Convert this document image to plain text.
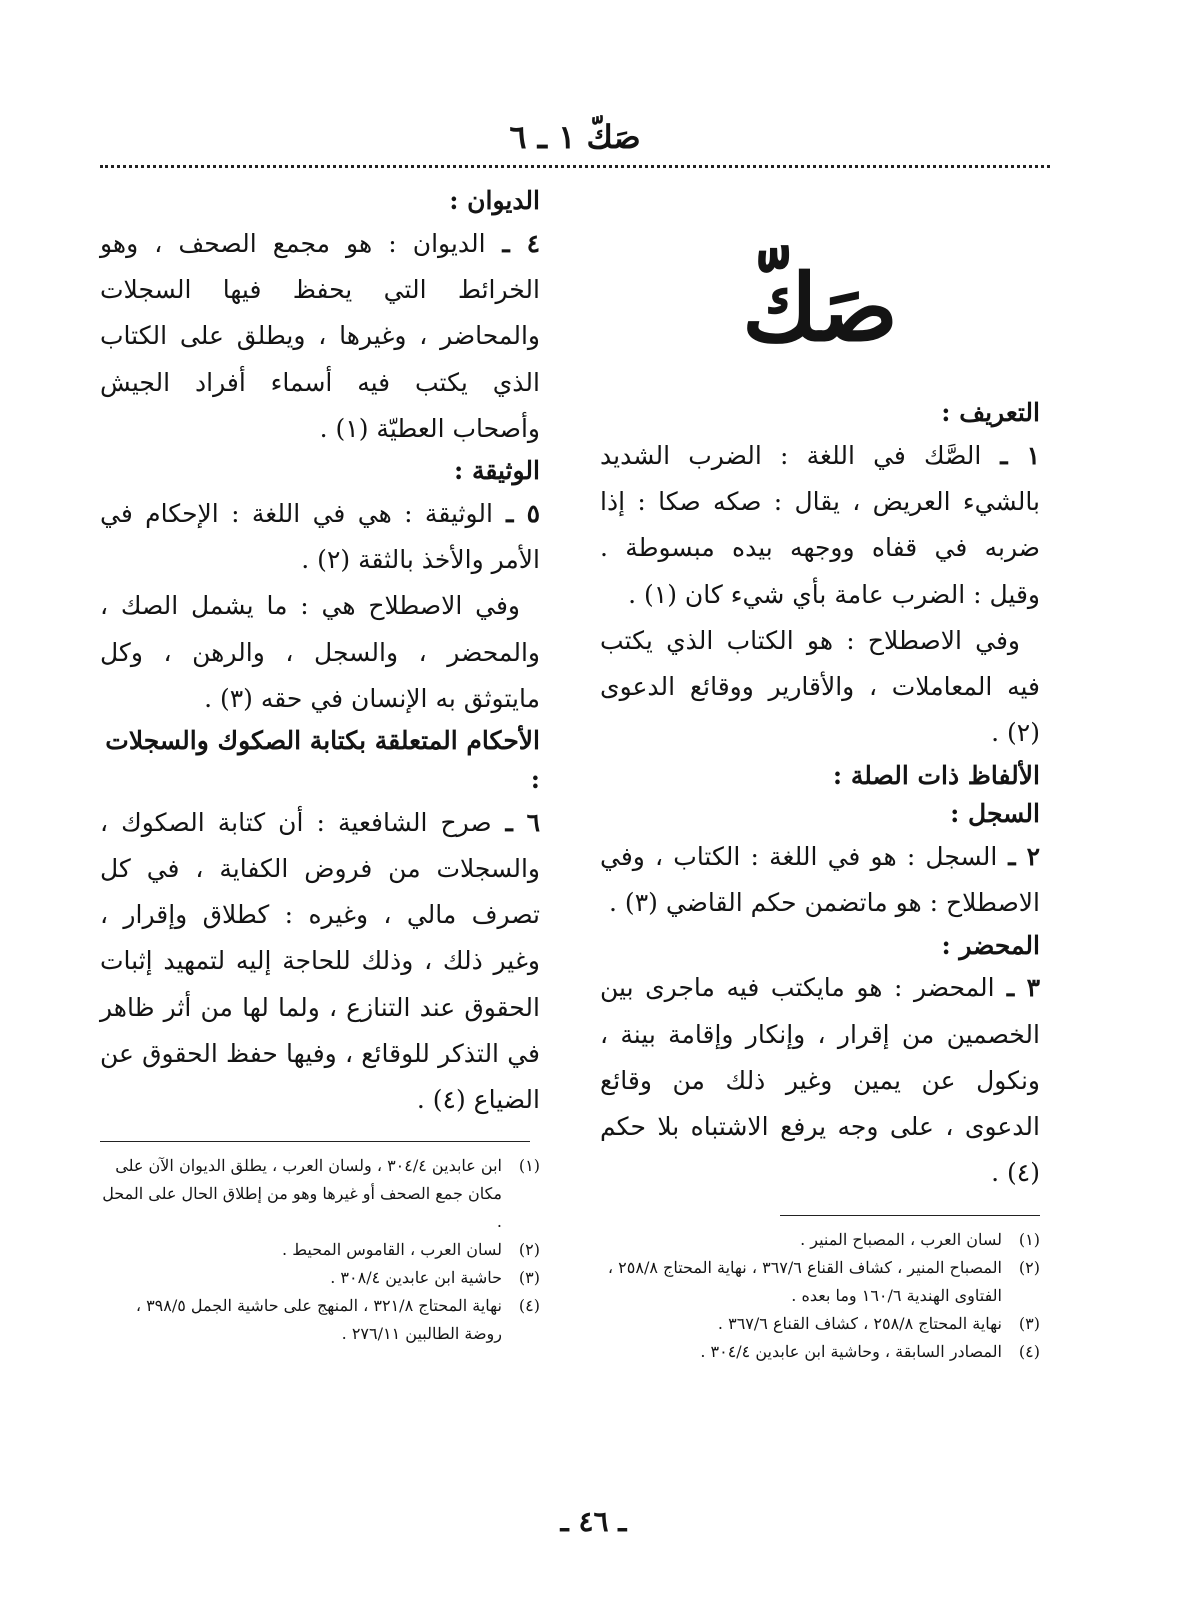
صَكّ ١ ـ ٦
صَكّ
التعريف :

١ ـ الصَّك في اللغة : الضرب الشديد بالشيء العريض ، يقال : صكه صكا : إذا ضربه في قفاه ووجهه بيده مبسوطة . وقيل : الضرب عامة بأي شيء كان (١) .

وفي الاصطلاح : هو الكتاب الذي يكتب فيه المعاملات ، والأقارير ووقائع الدعوى (٢) .

الألفاظ ذات الصلة :
السجل :

٢ ـ السجل : هو في اللغة : الكتاب ، وفي الاصطلاح : هو ماتضمن حكم القاضي (٣) .

المحضر :

٣ ـ المحضر : هو مايكتب فيه ماجرى بين الخصمين من إقرار ، وإنكار وإقامة بينة ، ونكول عن يمين وغير ذلك من وقائع الدعوى ، على وجه يرفع الاشتباه بلا حكم (٤) .

(١)
لسان العرب ، المصباح المنير .

(٢)
المصباح المنير ، كشاف القناع ٣٦٧/٦ ، نهاية المحتاج ٢٥٨/٨ ، الفتاوى الهندية ١٦٠/٦ وما بعده .

(٣)
نهاية المحتاج ٢٥٨/٨ ، كشاف القناع ٣٦٧/٦ .

(٤)
المصادر السابقة ، وحاشية ابن عابدين ٣٠٤/٤ .

الديوان :

٤ ـ الديوان : هو مجمع الصحف ، وهو الخرائط التي يحفظ فيها السجلات والمحاضر ، وغيرها ، ويطلق على الكتاب الذي يكتب فيه أسماء أفراد الجيش وأصحاب العطيّة (١) .

الوثيقة :

٥ ـ الوثيقة : هي في اللغة : الإحكام في الأمر والأخذ بالثقة (٢) .

وفي الاصطلاح هي : ما يشمل الصك ، والمحضر ، والسجل ، والرهن ، وكل مايتوثق به الإنسان في حقه (٣) .

الأحكام المتعلقة بكتابة الصكوك والسجلات :

٦ ـ صرح الشافعية : أن كتابة الصكوك ، والسجلات من فروض الكفاية ، في كل تصرف مالي ، وغيره : كطلاق وإقرار ، وغير ذلك ، وذلك للحاجة إليه لتمهيد إثبات الحقوق عند التنازع ، ولما لها من أثر ظاهر في التذكر للوقائع ، وفيها حفظ الحقوق عن الضياع (٤) .

(١)
ابن عابدين ٣٠٤/٤ ، ولسان العرب ، يطلق الديوان الآن على مكان جمع الصحف أو غيرها وهو من إطلاق الحال على المحل .

(٢)
لسان العرب ، القاموس المحيط .

(٣)
حاشية ابن عابدين ٣٠٨/٤ .

(٤)
نهاية المحتاج ٣٢١/٨ ، المنهج على حاشية الجمل ٣٩٨/٥ ، روضة الطالبين ٢٧٦/١١ .

ـ ٤٦ ـ
